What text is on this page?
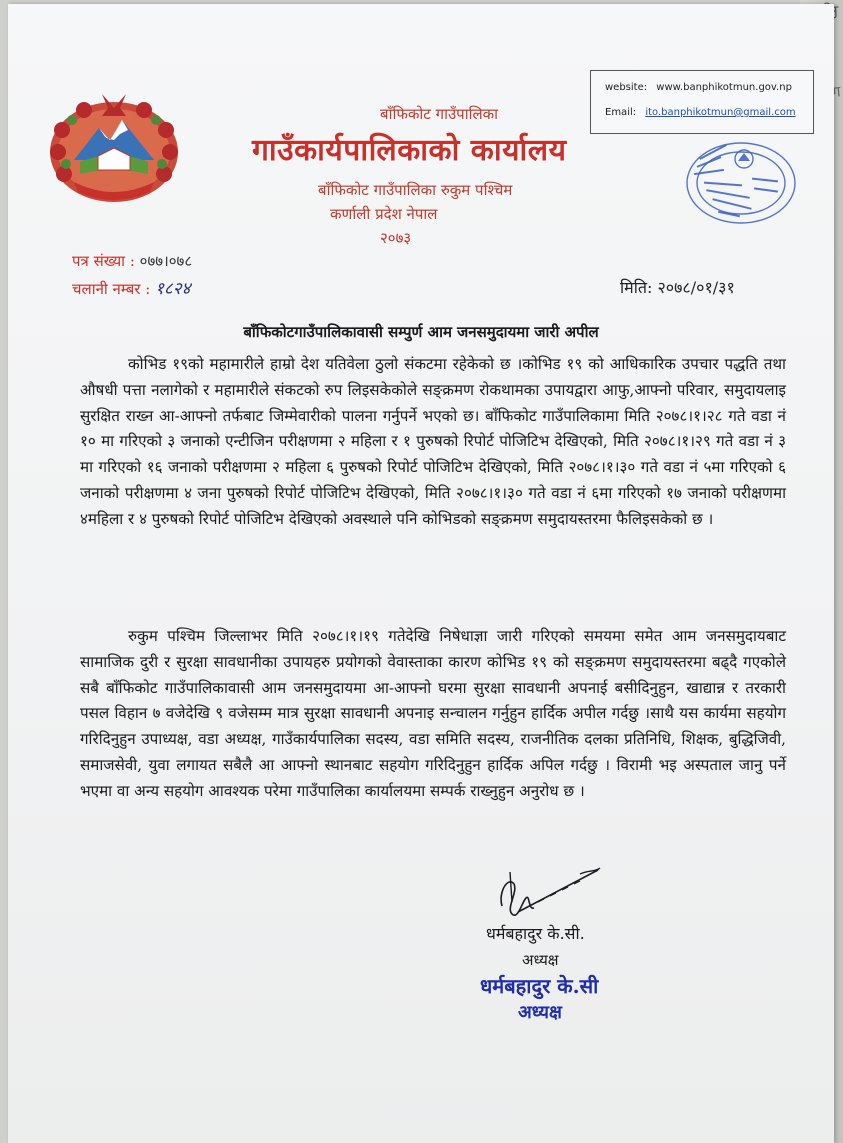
बाँफिकोट गाउँपालिका
गाउँकार्यपालिकाको कार्यालय
बाँफिकोट गाउँपालिका रुकुम पश्चिम
कर्णाली प्रदेश नेपाल
२०७३
website: www.banphikotmun.gov.np
Email: ito.banphikotmun@gmail.com
पत्र संख्या : ०७७।०७८
चलानी नम्बर : १८२४	मिति: २०७८/०१/३१
बाँफिकोटगाउँपालिकावासी सम्पुर्ण आम जनसमुदायमा जारी अपील

कोभिड १९को महामारीले हाम्रो देश यतिवेला ठुलो संकटमा रहेकेको छ ।कोभिड १९ को आधिकारिक उपचार पद्धति तथा औषधी पत्ता नलागेको र महामारीले संकटको रुप लिइसकेकोले सङ्क्रमण रोकथामका उपायद्वारा आफु,आफ्नो परिवार, समुदायलाइ सुरक्षित राख्न आ-आफ्नो तर्फबाट जिम्मेवारीको पालना गर्नुपर्ने भएको छ। बाँफिकोट गाउँपालिकामा मिति २०७८।१।२८ गते वडा नं १० मा गरिएको ३ जनाको एन्टीजिन परीक्षणमा २ महिला र १ पुरुषको रिपोर्ट पोजिटिभ देखिएको, मिति २०७८।१।२९ गते वडा नं ३ मा गरिएको १६ जनाको परीक्षणमा २ महिला ६ पुरुषको रिपोर्ट पोजिटिभ देखिएको, मिति २०७८।१।३० गते वडा नं ५मा गरिएको ६ जनाको परीक्षणमा ४ जना पुरुषको रिपोर्ट पोजिटिभ देखिएको, मिति २०७८।१।३० गते वडा नं ६मा गरिएको १७ जनाको परीक्षणमा ४महिला र ४ पुरुषको रिपोर्ट पोजिटिभ देखिएको अवस्थाले पनि कोभिडको सङ्क्रमण समुदायस्तरमा फैलिइसकेको छ ।

रुकुम पश्चिम जिल्लाभर मिति २०७८।१।१९ गतेदेखि निषेधाज्ञा जारी गरिएको समयमा समेत आम जनसमुदायबाट सामाजिक दुरी र सुरक्षा सावधानीका उपायहरु प्रयोगको वेवास्ताका कारण कोभिड १९ को सङ्क्रमण समुदायस्तरमा बढ्दै गएकोले सबै बाँफिकोट गाउँपालिकावासी आम जनसमुदायमा आ-आफ्नो घरमा सुरक्षा सावधानी अपनाई बसीदिनुहुन, खाद्यान्न र तरकारी पसल विहान ७ वजेदेखि ९ वजेसम्म मात्र सुरक्षा सावधानी अपनाइ सन्चालन गर्नुहुन हार्दिक अपील गर्दछु ।साथै यस कार्यमा सहयोग गरिदिनुहुन उपाध्यक्ष, वडा अध्यक्ष, गाउँकार्यपालिका सदस्य, वडा समिति सदस्य, राजनीतिक दलका प्रतिनिधि, शिक्षक, बुद्धिजिवी, समाजसेवी, युवा लगायत सबैलै आ आफ्नो स्थानबाट सहयोग गरिदिनुहुन हार्दिक अपिल गर्दछु । विरामी भइ अस्पताल जानु पर्ने भएमा वा अन्य सहयोग आवश्यक परेमा गाउँपालिका कार्यालयमा सम्पर्क राख्नुहुन अनुरोध छ ।

धर्मबहादुर के.सी.
अध्यक्ष
धर्मबहादुर के.सी
अध्यक्ष
